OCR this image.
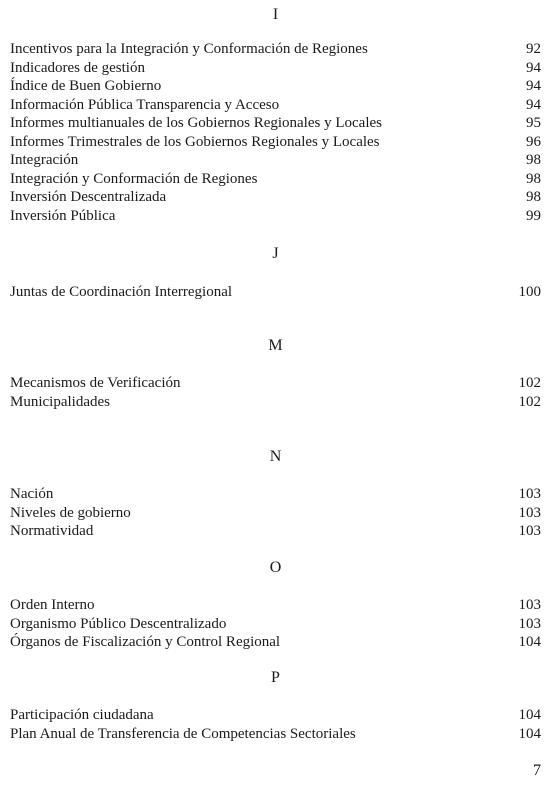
I
Incentivos para la Integración y Conformación de Regiones	92
Indicadores de gestión	94
Índice de Buen Gobierno	94
Información Pública Transparencia y Acceso	94
Informes multianuales de los Gobiernos Regionales y Locales	95
Informes Trimestrales de los Gobiernos Regionales y Locales	96
Integración	98
Integración y Conformación de Regiones	98
Inversión Descentralizada	98
Inversión Pública	99
J
Juntas de Coordinación Interregional	100
M
Mecanismos de Verificación	102
Municipalidades	102
N
Nación	103
Niveles de gobierno	103
Normatividad	103
O
Orden Interno	103
Organismo Público Descentralizado	103
Órganos de Fiscalización y Control Regional	104
P
Participación ciudadana	104
Plan Anual de Transferencia de Competencias Sectoriales	104
7
